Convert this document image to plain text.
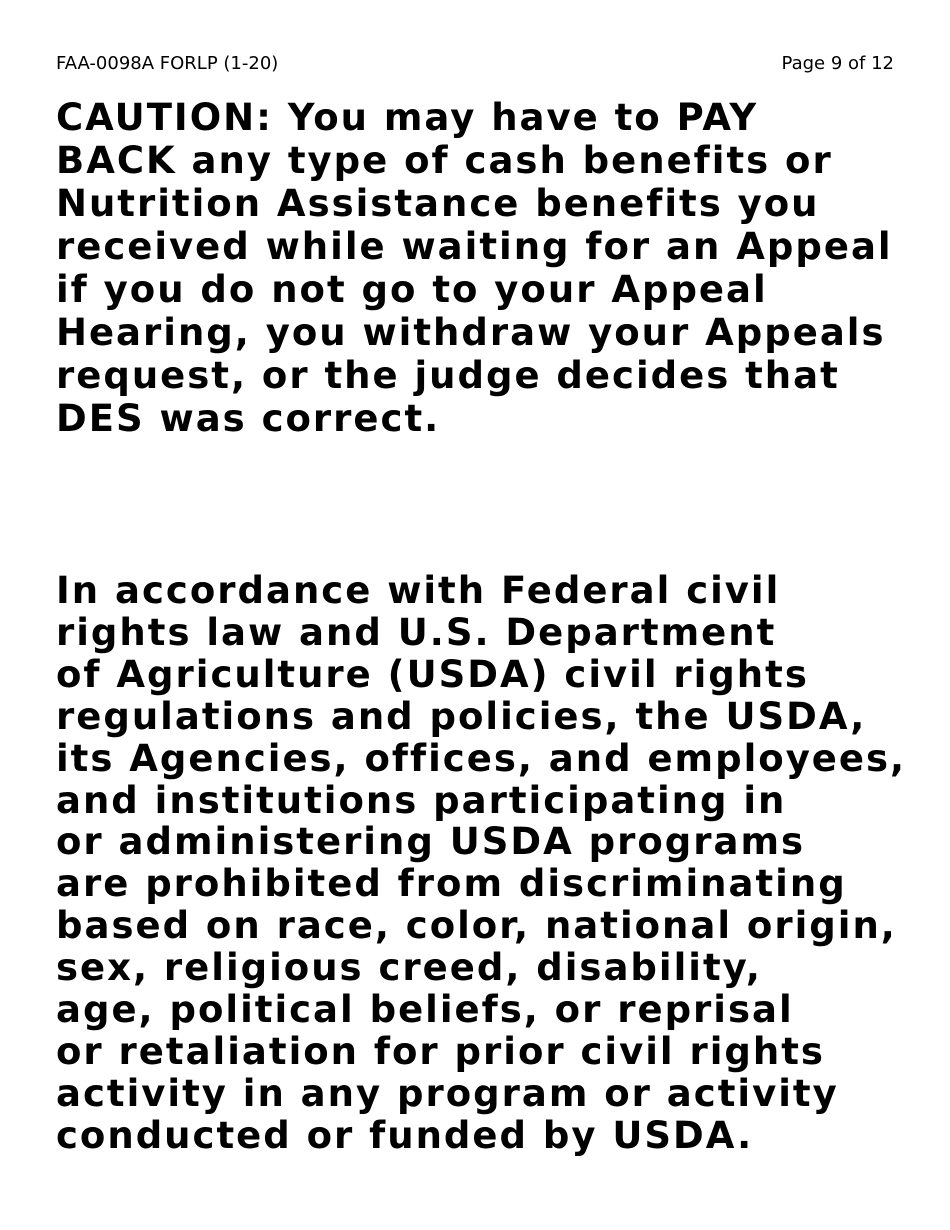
FAA-0098A FORLP (1-20)	Page 9 of 12

CAUTION: You may have to PAY
BACK any type of cash benefits or
Nutrition Assistance benefits you
received while waiting for an Appeal
if you do not go to your Appeal
Hearing, you withdraw your Appeals
request, or the judge decides that
DES was correct.

In accordance with Federal civil
rights law and U.S. Department
of Agriculture (USDA) civil rights
regulations and policies, the USDA,
its Agencies, offices, and employees,
and institutions participating in
or administering USDA programs
are prohibited from discriminating
based on race, color, national origin,
sex, religious creed, disability,
age, political beliefs, or reprisal
or retaliation for prior civil rights
activity in any program or activity
conducted or funded by USDA.
